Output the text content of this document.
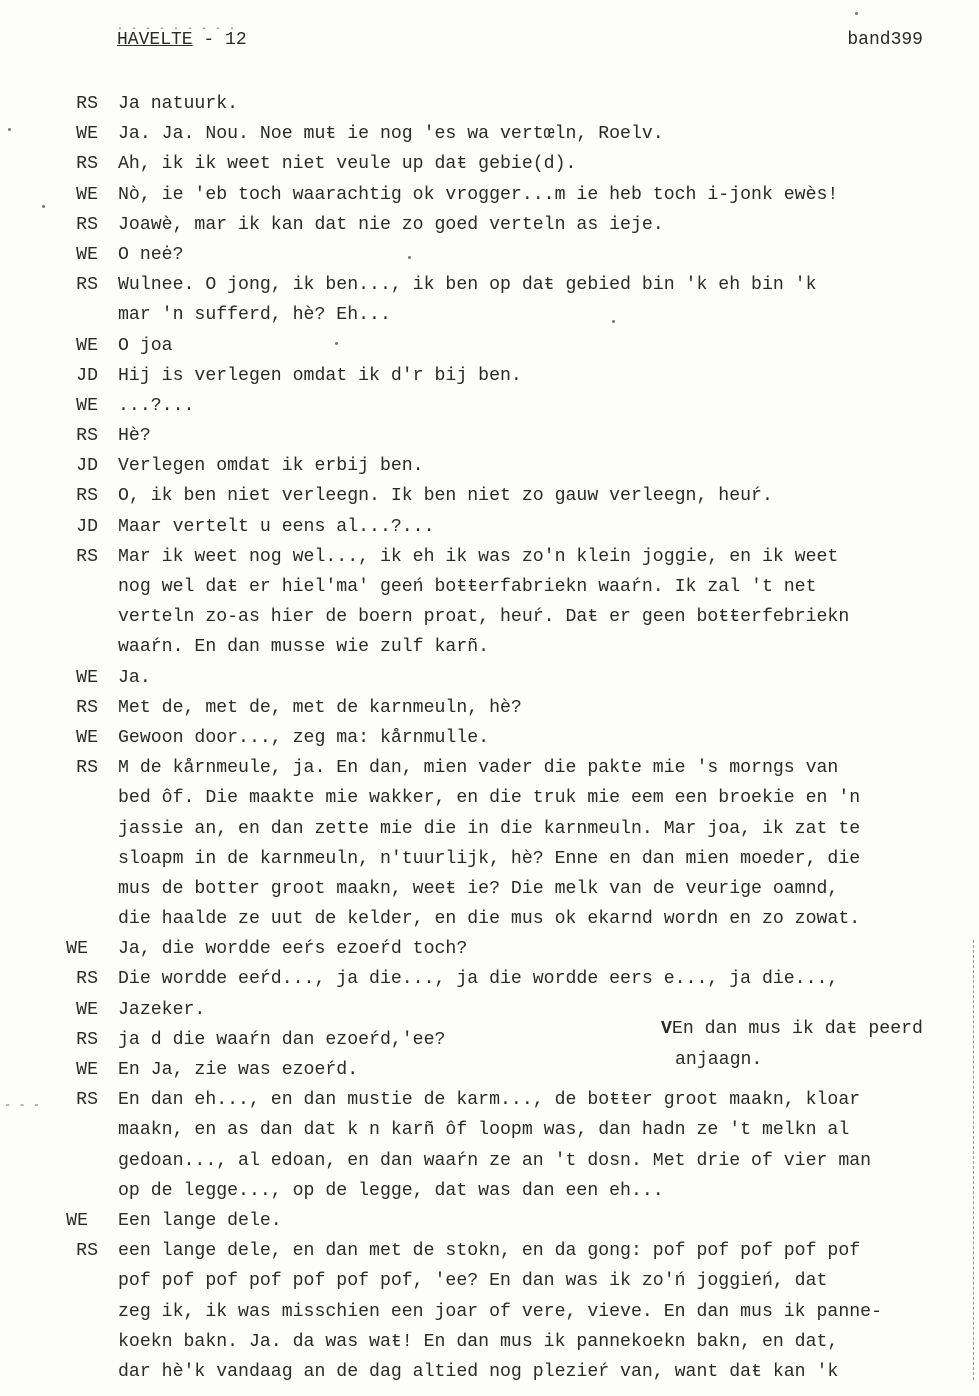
. . . . . . . . .
HAVELTE - 12	band399
RS Ja natuurk.
WE Ja. Ja. Nou. Noe muŧ ie nog 'es wa vertœln, Roelv.
RS Ah, ik ik weet niet veule up daŧ gebie(d).
WE Nò, ie 'eb toch waarachtig ok vrogger...m ie heb toch i-jonk ewès!
RS Joawè, mar ik kan dat nie zo goed verteln as ieje.
WE O neė?
RS Wulnee. O jong, ik ben..., ik ben op daŧ gebied bin 'k eh bin 'k
mar 'n sufferd, hè? Eh...
WE O joa
JD Hij is verlegen omdat ik d'r bij ben.
WE ...?...
RS Hè?
JD Verlegen omdat ik erbij ben.
RS O, ik ben niet verleegn. Ik ben niet zo gauw verleegn, heuŕ.
JD Maar vertelt u eens al...?...
RS Mar ik weet nog wel..., ik eh ik was zo'n klein joggie, en ik weet
nog wel daŧ er hiel'ma' geeń boŧŧerfabriekn waaŕn. Ik zal 't net
verteln zo-as hier de boern proat, heuŕ. Daŧ er geen boŧŧerfebriekn
waaŕn. En dan musse wie zulf karñ.
WE Ja.
RS Met de, met de, met de karnmeuln, hè?
WE Gewoon door..., zeg ma: kårnmulle.
RS M de kårnmeule, ja. En dan, mien vader die pakte mie 's morngs van
bed ôf. Die maakte mie wakker, en die truk mie eem een broekie en 'n
jassie an, en dan zette mie die in die karnmeuln. Mar joa, ik zat te
sloapm in de karnmeuln, n'tuurlijk, hè? Enne en dan mien moeder, die
mus de botter groot maakn, weeŧ ie? Die melk van de veurige oamnd,
die haalde ze uut de kelder, en die mus ok ekarnd wordn en zo zowat.
WE Ja, die wordde eeŕs ezoeŕd toch?
RS Die wordde eeŕd..., ja die..., ja die wordde eers e..., ja die...,
WE Jazeker.
RS ja d die waaŕn dan ezoeŕd,'ee?
WE En Ja, zie was ezoeŕd.
RS En dan eh..., en dan mustie de karm..., de boŧŧer groot maakn, kloar
maakn, en as dan dat k n karñ ôf loopm was, dan hadn ze 't melkn al
gedoan..., al edoan, en dan waaŕn ze an 't dosn. Met drie of vier man
op de legge..., op de legge, dat was dan een eh...
WE Een lange dele.
RS een lange dele, en dan met de stokn, en da gong: pof pof pof pof pof
pof pof pof pof pof pof pof, 'ee? En dan was ik zo'ń joggień, dat
zeg ik, ik was misschien een joar of vere, vieve. En dan mus ik panne-
koekn bakn. Ja. da was waŧ! En dan mus ik pannekoekn bakn, en dat,
dar hè'k vandaag an de dag altied nog plezieŕ van, want daŧ kan 'k
VEn dan mus ik daŧ peerd
anjaagn.
- - -
